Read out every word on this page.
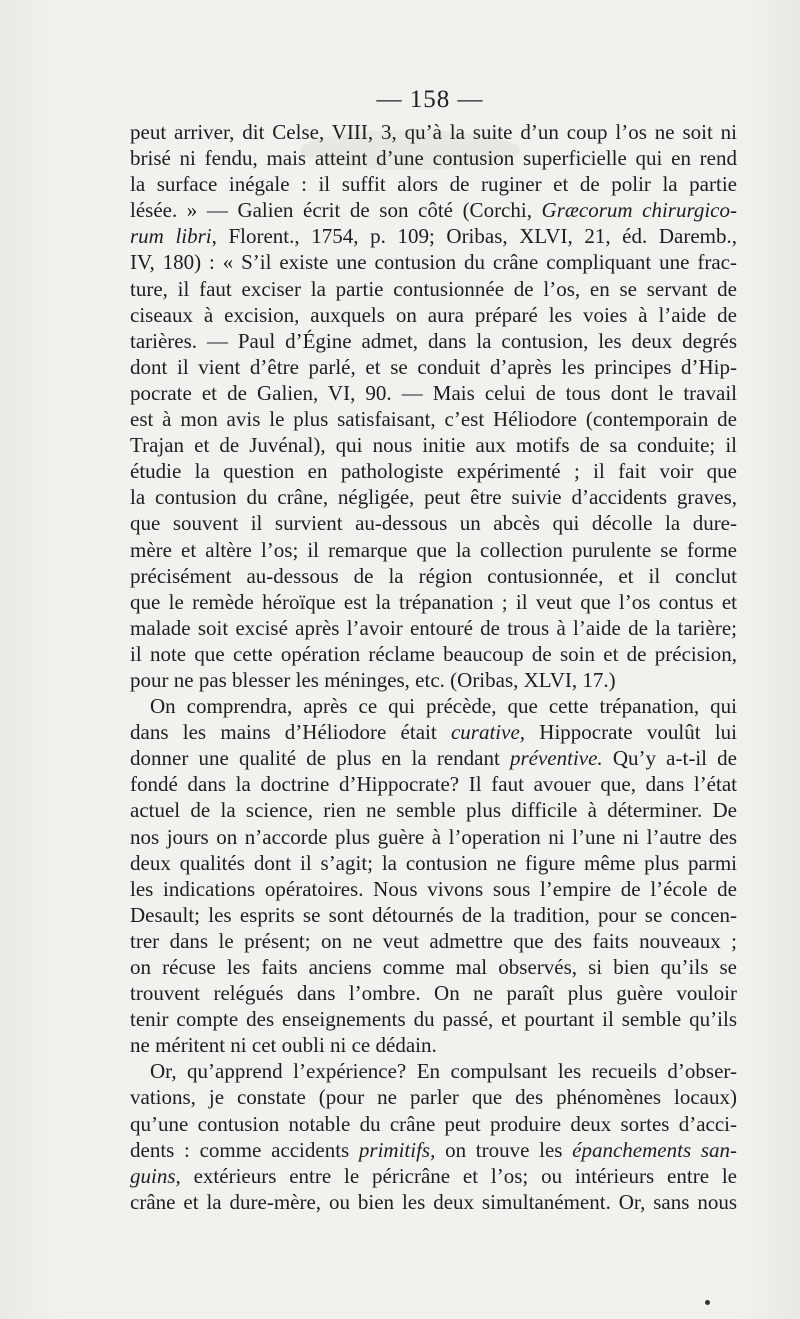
— 158 —
peut arriver, dit Celse, VIII, 3, qu’à la suite d’un coup l’os ne soit ni
brisé ni fendu, mais atteint d’une contusion superficielle qui en rend
la surface inégale : il suffit alors de ruginer et de polir la partie
lésée. » — Galien écrit de son côté (Corchi, Græcorum chirurgico-
rum libri, Florent., 1754, p. 109; Oribas, XLVI, 21, éd. Daremb.,
IV, 180) : « S’il existe une contusion du crâne compliquant une frac-
ture, il faut exciser la partie contusionnée de l’os, en se servant de
ciseaux à excision, auxquels on aura préparé les voies à l’aide de
tarières. — Paul d’Égine admet, dans la contusion, les deux degrés
dont il vient d’être parlé, et se conduit d’après les principes d’Hip-
pocrate et de Galien, VI, 90. — Mais celui de tous dont le travail
est à mon avis le plus satisfaisant, c’est Héliodore (contemporain de
Trajan et de Juvénal), qui nous initie aux motifs de sa conduite; il
étudie la question en pathologiste expérimenté ; il fait voir que
la contusion du crâne, négligée, peut être suivie d’accidents graves,
que souvent il survient au-dessous un abcès qui décolle la dure-
mère et altère l’os; il remarque que la collection purulente se forme
précisément au-dessous de la région contusionnée, et il conclut
que le remède héroïque est la trépanation ; il veut que l’os contus et
malade soit excisé après l’avoir entouré de trous à l’aide de la tarière;
il note que cette opération réclame beaucoup de soin et de précision,
pour ne pas blesser les méninges, etc. (Oribas, XLVI, 17.)
On comprendra, après ce qui précède, que cette trépanation, qui
dans les mains d’Héliodore était curative, Hippocrate voulût lui
donner une qualité de plus en la rendant préventive. Qu’y a-t-il de
fondé dans la doctrine d’Hippocrate? Il faut avouer que, dans l’état
actuel de la science, rien ne semble plus difficile à déterminer. De
nos jours on n’accorde plus guère à l’operation ni l’une ni l’autre des
deux qualités dont il s’agit; la contusion ne figure même plus parmi
les indications opératoires. Nous vivons sous l’empire de l’école de
Desault; les esprits se sont détournés de la tradition, pour se concen-
trer dans le présent; on ne veut admettre que des faits nouveaux ;
on récuse les faits anciens comme mal observés, si bien qu’ils se
trouvent relégués dans l’ombre. On ne paraît plus guère vouloir
tenir compte des enseignements du passé, et pourtant il semble qu’ils
ne méritent ni cet oubli ni ce dédain.
Or, qu’apprend l’expérience? En compulsant les recueils d’obser-
vations, je constate (pour ne parler que des phénomènes locaux)
qu’une contusion notable du crâne peut produire deux sortes d’acci-
dents : comme accidents primitifs, on trouve les épanchements san-
guins, extérieurs entre le péricrâne et l’os; ou intérieurs entre le
crâne et la dure-mère, ou bien les deux simultanément. Or, sans nous
